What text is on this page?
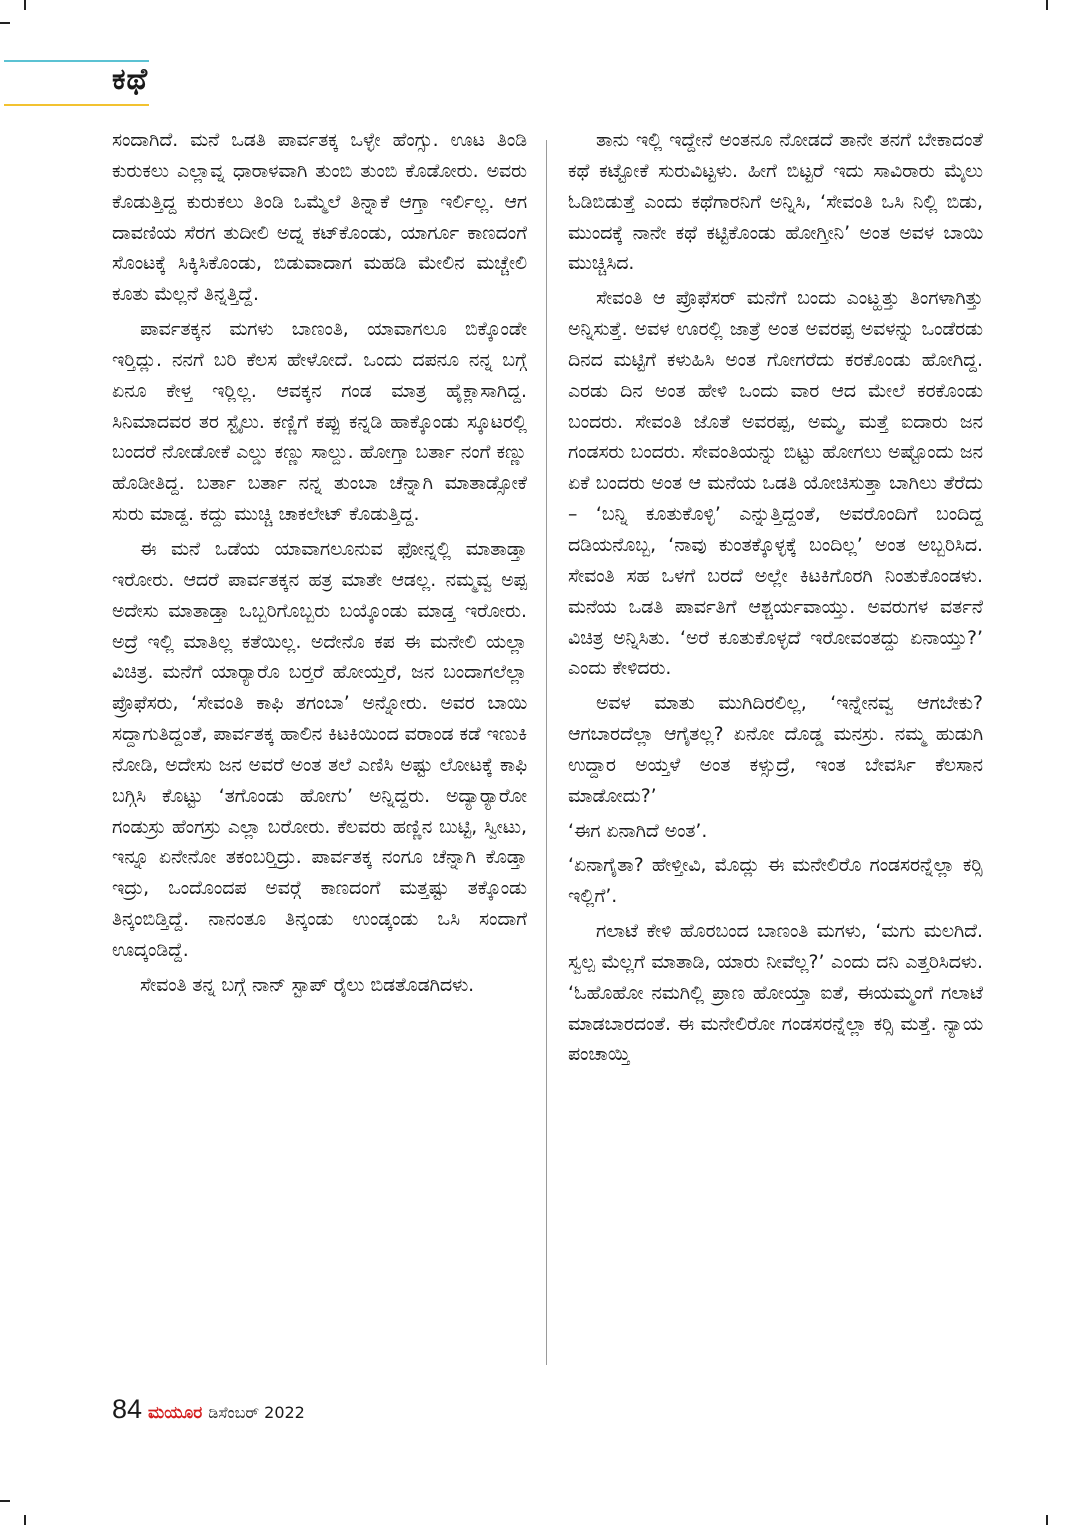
ಕಥೆ

ಸಂದಾಗಿದೆ. ಮನೆ ಒಡತಿ ಪಾರ್ವತಕ್ಕ ಒಳ್ಳೇ ಹೆಂಗ್ಸು. ಊಟ ತಿಂಡಿ ಕುರುಕಲು ಎಲ್ಲಾವ್ನ ಧಾರಾಳವಾಗಿ ತುಂಬಿ ತುಂಬಿ ಕೊಡೋರು. ಅವರು ಕೊಡುತ್ತಿದ್ದ ಕುರುಕಲು ತಿಂಡಿ ಒಮ್ಮೆಲೆ ತಿನ್ನಾಕೆ ಆಗ್ತಾ ಇರ್ಲಿಲ್ಲ. ಆಗ ದಾವಣಿಯ ಸೆರಗ ತುದೀಲಿ ಅದ್ನ ಕಟ್‌ಕೊಂಡು, ಯಾರ್ಗೂ ಕಾಣದಂಗೆ ಸೊಂಟಕ್ಕೆ ಸಿಕ್ಕಿಸಿಕೊಂಡು, ಬಿಡುವಾದಾಗ ಮಹಡಿ ಮೇಲಿನ ಮಚ್ಚೇಲಿ ಕೂತು ಮೆಲ್ಲನೆ ತಿನ್ನತ್ತಿದ್ದೆ.

ಪಾರ್ವತಕ್ಕನ ಮಗಳು ಬಾಣಂತಿ, ಯಾವಾಗಲೂ ಬಿಕ್ಕೊಂಡೇ ಇರ್‍ತಿದ್ಲು. ನನಗೆ ಬರಿ ಕೆಲಸ ಹೇಳೋದೆ. ಒಂದು ದಪನೂ ನನ್ನ ಬಗ್ಗೆ ಏನೂ ಕೇಳ್ತ ಇರ್‍ಲಿಲ್ಲ. ಆವಕ್ಕನ ಗಂಡ ಮಾತ್ರ ಹೈಕ್ಲಾಸಾಗಿದ್ದ. ಸಿನಿಮಾದವರ ತರ ಸ್ಟೈಲು. ಕಣ್ಣಿಗೆ ಕಪ್ಪು ಕನ್ನಡಿ ಹಾಕ್ಕೊಂಡು ಸ್ಕೂಟರಲ್ಲಿ ಬಂದರೆ ನೋಡೋಕೆ ಎಲ್ಡು ಕಣ್ಣು ಸಾಲ್ದು. ಹೋಗ್ತಾ ಬರ್ತಾ ನಂಗೆ ಕಣ್ಣು ಹೊಡೀತಿದ್ದ. ಬರ್ತಾ ಬರ್ತಾ ನನ್ನ ತುಂಬಾ ಚೆನ್ನಾಗಿ ಮಾತಾಡ್ಸೋಕೆ ಸುರು ಮಾಡ್ದ. ಕದ್ದು ಮುಚ್ಚಿ ಚಾಕಲೇಟ್ ಕೊಡುತ್ತಿದ್ದ.

ಈ ಮನೆ ಒಡೆಯ ಯಾವಾಗಲೂನುವ ಫೋನ್ನಲ್ಲಿ ಮಾತಾಡ್ತಾ ಇರೋರು. ಆದರೆ ಪಾರ್ವತಕ್ಕನ ಹತ್ರ ಮಾತೇ ಆಡಲ್ಲ. ನಮ್ಮವ್ವ ಅಪ್ಪ ಅದೇಸು ಮಾತಾಡ್ತಾ ಒಬ್ಬರಿಗೊಬ್ಬರು ಬಯ್ಕೊಂಡು ಮಾಡ್ತ ಇರೋರು. ಅದ್ರೆ ಇಲ್ಲಿ ಮಾತಿಲ್ಲ ಕತೆಯಿಲ್ಲ. ಅದೇನೊ ಕಪ ಈ ಮನೇಲಿ ಯಲ್ಲಾ ವಿಚಿತ್ರ. ಮನೆಗೆ ಯಾರ್‍ಯಾರೊ ಬರ್‍ತರೆ ಹೋಯ್ತರೆ, ಜನ ಬಂದಾಗಲೆಲ್ಲಾ ಪ್ರೊಫೆಸರು, ‘ಸೇವಂತಿ ಕಾಫಿ ತಗಂಬಾ’ ಅನ್ನೋರು. ಅವರ ಬಾಯಿ ಸದ್ದಾಗುತಿದ್ದಂತೆ, ಪಾರ್ವತಕ್ಕ ಹಾಲಿನ ಕಿಟಕಿಯಿಂದ ವರಾಂಡ ಕಡೆ ಇಣುಕಿ ನೋಡಿ, ಅದೇಸು ಜನ ಅವರೆ ಅಂತ ತಲೆ ಎಣಿಸಿ ಅಷ್ಟು ಲೋಟಕ್ಕೆ ಕಾಫಿ ಬಗ್ಗಿಸಿ ಕೊಟ್ಟು ‘ತಗೊಂಡು ಹೋಗು’ ಅನ್ನಿದ್ದರು. ಅದ್ಯಾರ್‍ಯಾರೋ ಗಂಡುಸ್ರು ಹೆಂಗಸ್ರು ಎಲ್ಲಾ ಬರೋರು. ಕೆಲವರು ಹಣ್ಣಿನ ಬುಟ್ಟಿ, ಸ್ವೀಟು, ಇನ್ನೂ ಏನೇನೋ ತಕಂಬರ್‍ತಿದ್ರು. ಪಾರ್ವತಕ್ಕ ನಂಗೂ ಚೆನ್ನಾಗಿ ಕೊಡ್ತಾ ಇದ್ರು, ಒಂದೊಂದಪ ಅವರ್‍ಗೆ ಕಾಣದಂಗೆ ಮತ್ತಷ್ಟು ತಕ್ಕೊಂಡು ತಿನ್ಕಂಬಿಡ್ತಿದ್ದೆ. ನಾನಂತೂ ತಿನ್ಕಂಡು ಉಂಡ್ಕಂಡು ಒಸಿ ಸಂದಾಗೆ ಊದ್ಕಂಡಿದ್ದೆ.

ಸೇವಂತಿ ತನ್ನ ಬಗ್ಗೆ ನಾನ್ ಸ್ಟಾಪ್ ರೈಲು ಬಿಡತೊಡಗಿದಳು.

ತಾನು ಇಲ್ಲಿ ಇದ್ದೇನೆ ಅಂತನೂ ನೋಡದೆ ತಾನೇ ತನಗೆ ಬೇಕಾದಂತೆ ಕಥೆ ಕಟ್ಟೋಕೆ ಸುರುವಿಟ್ಟಳು. ಹೀಗೆ ಬಿಟ್ಟರೆ ಇದು ಸಾವಿರಾರು ಮೈಲು ಓಡಿಬಿಡುತ್ತೆ ಎಂದು ಕಥೆಗಾರನಿಗೆ ಅನ್ನಿಸಿ, ‘ಸೇವಂತಿ ಒಸಿ ನಿಲ್ಲಿ ಬಿಡು, ಮುಂದಕ್ಕೆ ನಾನೇ ಕಥೆ ಕಟ್ಟಿಕೊಂಡು ಹೋಗ್ತೀನಿ’ ಅಂತ ಅವಳ ಬಾಯಿ ಮುಚ್ಚಿಸಿದ.

ಸೇವಂತಿ ಆ ಪ್ರೊಫೆಸರ್ ಮನೆಗೆ ಬಂದು ಎಂಟ್ಹತ್ತು ತಿಂಗಳಾಗಿತ್ತು ಅನ್ನಿಸುತ್ತೆ. ಅವಳ ಊರಲ್ಲಿ ಜಾತ್ರೆ ಅಂತ ಅವರಪ್ಪ ಅವಳನ್ನು ಒಂಡೆರಡು ದಿನದ ಮಟ್ಟಿಗೆ ಕಳುಹಿಸಿ ಅಂತ ಗೋಗರೆದು ಕರಕೊಂಡು ಹೋಗಿದ್ದ. ಎರಡು ದಿನ ಅಂತ ಹೇಳಿ ಒಂದು ವಾರ ಆದ ಮೇಲೆ ಕರಕೊಂಡು ಬಂದರು. ಸೇವಂತಿ ಜೊತೆ ಅವರಪ್ಪ, ಅಮ್ಮ, ಮತ್ತೆ ಐದಾರು ಜನ ಗಂಡಸರು ಬಂದರು. ಸೇವಂತಿಯನ್ನು ಬಿಟ್ಟು ಹೋಗಲು ಅಷ್ಟೊಂದು ಜನ ಏಕೆ ಬಂದರು ಅಂತ ಆ ಮನೆಯ ಒಡತಿ ಯೋಚಿಸುತ್ತಾ ಬಾಗಿಲು ತೆರೆದು – ‘ಬನ್ನಿ ಕೂತುಕೊಳ್ಳಿ’ ಎನ್ನುತ್ತಿದ್ದಂತೆ, ಅವರೊಂದಿಗೆ ಬಂದಿದ್ದ ದಡಿಯನೊಬ್ಬ, ‘ನಾವು ಕುಂತಕ್ಕೊಳ್ಳಕ್ಕೆ ಬಂದಿಲ್ಲ’ ಅಂತ ಅಬ್ಬರಿಸಿದ. ಸೇವಂತಿ ಸಹ ಒಳಗೆ ಬರದೆ ಅಲ್ಲೇ ಕಿಟಕಿಗೊರಗಿ ನಿಂತುಕೊಂಡಳು. ಮನೆಯ ಒಡತಿ ಪಾರ್ವತಿಗೆ ಆಶ್ಚರ್ಯವಾಯ್ತು. ಅವರುಗಳ ವರ್ತನೆ ವಿಚಿತ್ರ ಅನ್ನಿಸಿತು. ‘ಅರೆ ಕೂತುಕೊಳ್ಳದೆ ಇರೋವಂತದ್ದು ಏನಾಯ್ತು?’ ಎಂದು ಕೇಳಿದರು.

ಅವಳ ಮಾತು ಮುಗಿದಿರಲಿಲ್ಲ, ‘ಇನ್ನೇನವ್ವ ಆಗಬೇಕು? ಆಗಬಾರದೆಲ್ಲಾ ಆಗೈತಲ್ಲ? ಏನೋ ದೊಡ್ಡ ಮನಸ್ರು. ನಮ್ಮ ಹುಡುಗಿ ಉದ್ದಾರ ಅಯ್ತಳೆ ಅಂತ ಕಳ್ಸುದ್ರೆ, ಇಂತ ಬೇವರ್ಸಿ ಕೆಲಸಾನ ಮಾಡೋದು?’

‘ಈಗ ಏನಾಗಿದೆ ಅಂತ’.

‘ಏನಾಗೈತಾ? ಹೇಳ್ತೀವಿ, ಮೊದ್ಲು ಈ ಮನೇಲಿರೊ ಗಂಡಸರನ್ನೆಲ್ಲಾ ಕರ್‍ಸಿ ಇಲ್ಲಿಗೆ’.

ಗಲಾಟೆ ಕೇಳಿ ಹೊರಬಂದ ಬಾಣಂತಿ ಮಗಳು, ‘ಮಗು ಮಲಗಿದೆ. ಸ್ವಲ್ಪ ಮೆಲ್ಲಗೆ ಮಾತಾಡಿ, ಯಾರು ನೀವೆಲ್ಲ?’ ಎಂದು ದನಿ ಎತ್ತರಿಸಿದಳು. ‘ಓಹೊಹೋ ನಮಗಿಲ್ಲಿ ಪ್ರಾಣ ಹೋಯ್ತಾ ಐತೆ, ಈಯಮ್ಮಂಗೆ ಗಲಾಟೆ ಮಾಡಬಾರದಂತೆ. ಈ ಮನೇಲಿರೋ ಗಂಡಸರನ್ನೆಲ್ಲಾ ಕರ್‍ಸಿ ಮತ್ತೆ. ನ್ಯಾಯ ಪಂಚಾಯ್ತಿ

84 ಮಯೂರ ಡಿಸೆಂಬರ್ 2022
